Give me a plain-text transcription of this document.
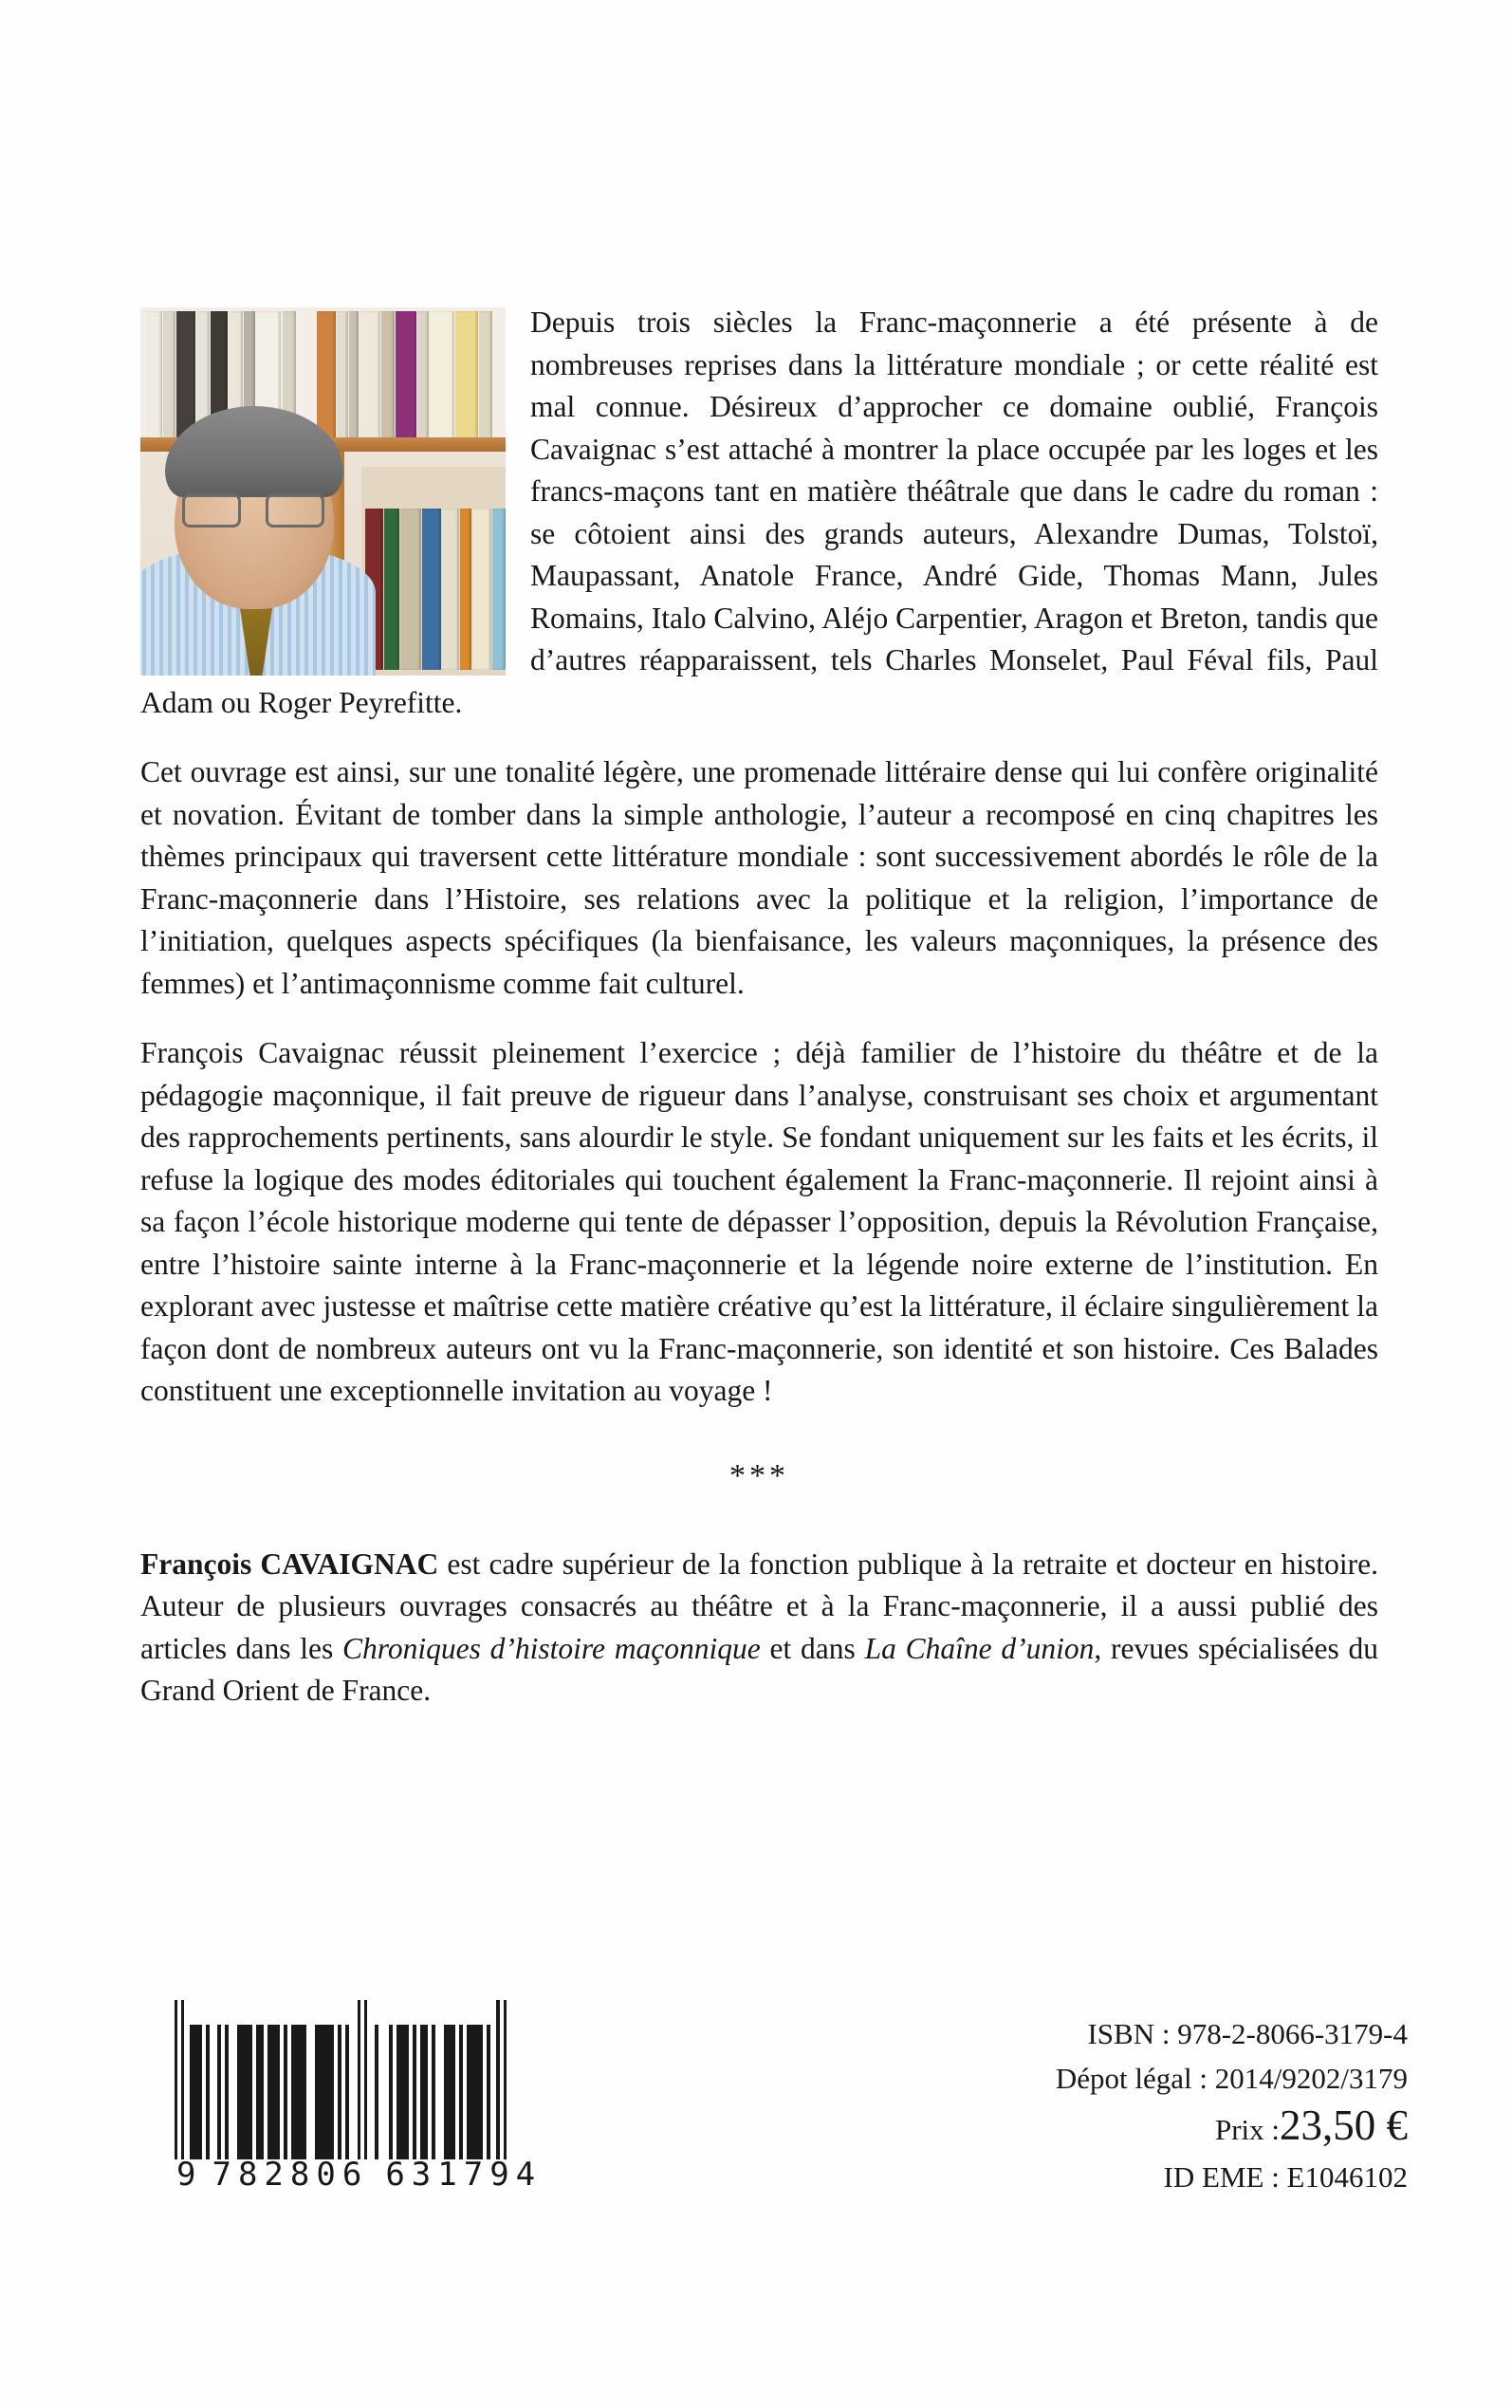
Depuis trois siècles la Franc-maçonnerie a été présente à de nombreuses reprises dans la littérature mondiale ; or cette réalité est mal connue. Désireux d’approcher ce domaine oublié, François Cavaignac s’est attaché à montrer la place occupée par les loges et les francs-maçons tant en matière théâtrale que dans le cadre du roman : se côtoient ainsi des grands auteurs, Alexandre Dumas, Tolstoï, Maupassant, Anatole France, André Gide, Thomas Mann, Jules Romains, Italo Calvino, Aléjo Carpentier, Aragon et Breton, tandis que d’autres réapparaissent, tels Charles Monselet, Paul Féval fils, Paul Adam ou Roger Peyrefitte.

Cet ouvrage est ainsi, sur une tonalité légère, une promenade littéraire dense qui lui confère originalité et novation. Évitant de tomber dans la simple anthologie, l’auteur a recomposé en cinq chapitres les thèmes principaux qui traversent cette littérature mondiale : sont successivement abordés le rôle de la Franc-maçonnerie dans l’Histoire, ses relations avec la politique et la religion, l’importance de l’initiation, quelques aspects spécifiques (la bienfaisance, les valeurs maçonniques, la présence des femmes) et l’antimaçonnisme comme fait culturel.

François Cavaignac réussit pleinement l’exercice ; déjà familier de l’histoire du théâtre et de la pédagogie maçonnique, il fait preuve de rigueur dans l’analyse, construisant ses choix et argumentant des rapprochements pertinents, sans alourdir le style. Se fondant uniquement sur les faits et les écrits, il refuse la logique des modes éditoriales qui touchent également la Franc-maçonnerie. Il rejoint ainsi à sa façon l’école historique moderne qui tente de dépasser l’opposition, depuis la Révolution Française, entre l’histoire sainte interne à la Franc-maçonnerie et la légende noire externe de l’institution. En explorant avec justesse et maîtrise cette matière créative qu’est la littérature, il éclaire singulièrement la façon dont de nombreux auteurs ont vu la Franc-maçonnerie, son identité et son histoire. Ces Balades constituent une exceptionnelle invitation au voyage !

***

François CAVAIGNAC est cadre supérieur de la fonction publique à la retraite et docteur en histoire. Auteur de plusieurs ouvrages consacrés au théâtre et à la Franc-maçonnerie, il a aussi publié des articles dans les Chroniques d’histoire maçonnique et dans La Chaîne d’union, revues spécialisées du Grand Orient de France.

9 782806 631794
ISBN : 978-2-8066-3179-4
Dépot légal : 2014/9202/3179
Prix :23,50 €
ID EME : E1046102
